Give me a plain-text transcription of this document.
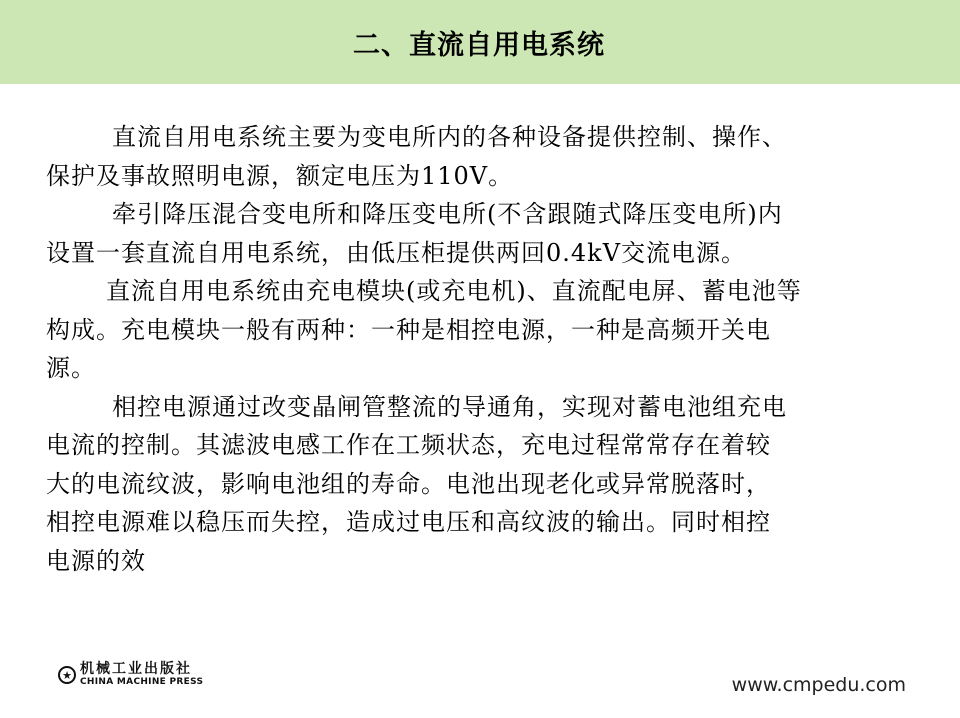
二、直流自用电系统

直流自用电系统主要为变电所内的各种设备提供控制、操作、
保护及事故照明电源，额定电压为110V。

牵引降压混合变电所和降压变电所(不含跟随式降压变电所)内
设置一套直流自用电系统，由低压柜提供两回0.4kV交流电源。

直流自用电系统由充电模块(或充电机)、直流配电屏、蓄电池等
构成。充电模块一般有两种：一种是相控电源，一种是高频开关电
源。

相控电源通过改变晶闸管整流的导通角，实现对蓄电池组充电
电流的控制。其滤波电感工作在工频状态，充电过程常常存在着较
大的电流纹波，影响电池组的寿命。电池出现老化或异常脱落时，
相控电源难以稳压而失控，造成过电压和高纹波的输出。同时相控
电源的效

★ 机械工业出版社
CHINA MACHINE PRESS	www.cmpedu.com
